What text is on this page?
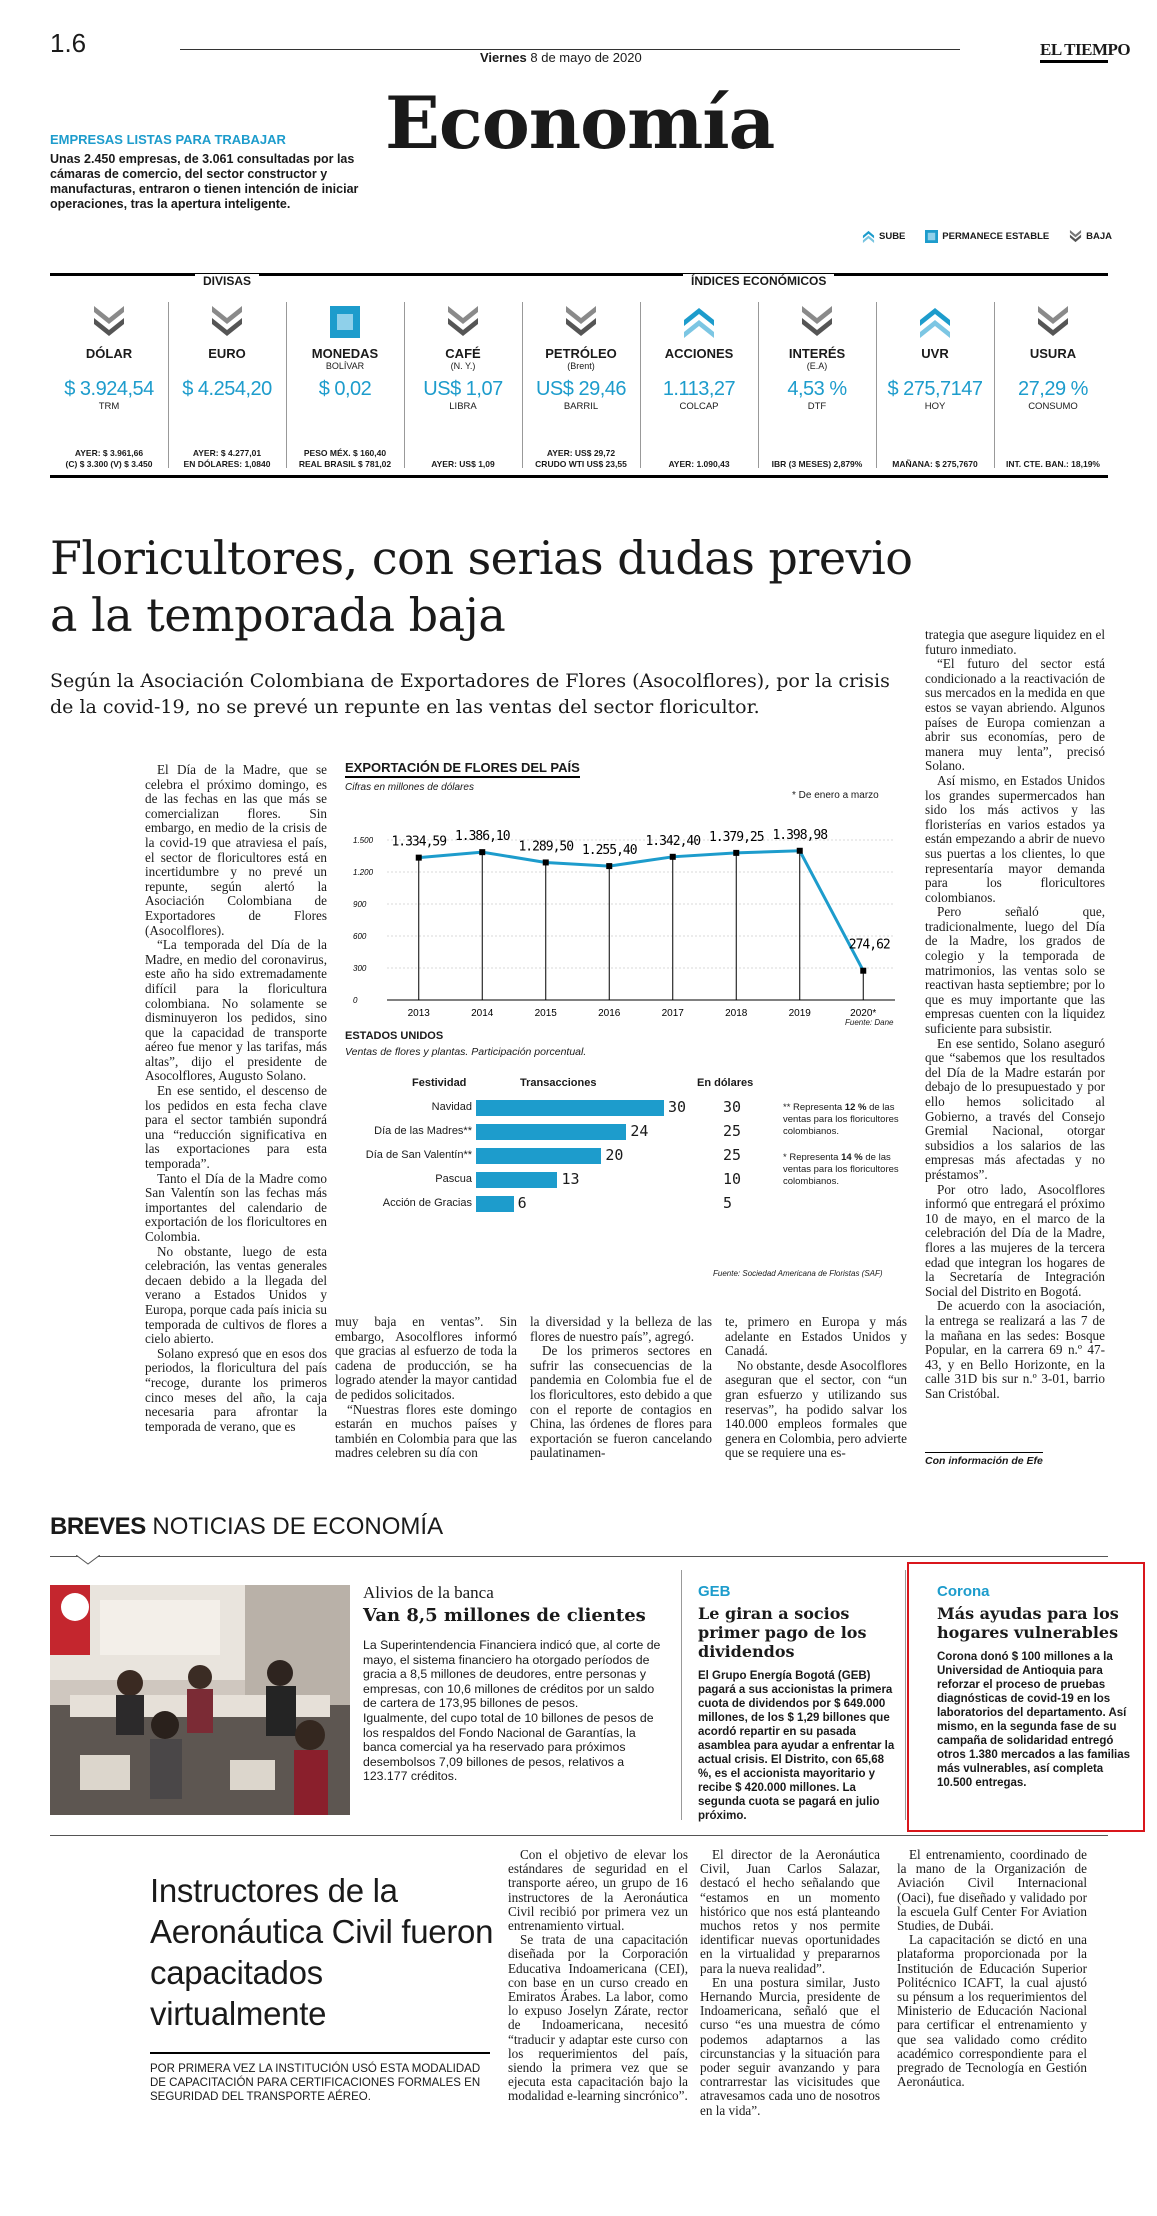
1.6	Viernes 8 de mayo de 2020	EL TIEMPO
Economía
EMPRESAS LISTAS PARA TRABAJAR
Unas 2.450 empresas, de 3.061 consultadas por las cámaras de comercio, del sector constructor y manufacturas, entraron o tienen intención de iniciar operaciones, tras la apertura inteligente.
SUBE	PERMANECE ESTABLE	BAJA
DIVISAS	ÍNDICES ECONÓMICOS
DÓLAR
$ 3.924,54
TRM
AYER: $ 3.961,66
(C) $ 3.300 (V) $ 3.450
EURO
$ 4.254,20
AYER: $ 4.277,01
EN DÓLARES: 1,0840
MONEDAS
BOLÍVAR
$ 0,02
PESO MÉX. $ 160,40
REAL BRASIL $ 781,02
CAFÉ
(N. Y.)
US$ 1,07
LIBRA
AYER: US$ 1,09
PETRÓLEO
(Brent)
US$ 29,46
BARRIL
AYER: US$ 29,72
CRUDO WTI US$ 23,55
ACCIONES
1.113,27
COLCAP
AYER: 1.090,43
INTERÉS
(E.A)
4,53 %
DTF
IBR (3 MESES) 2,879%
UVR
$ 275,7147
HOY
MAÑANA: $ 275,7670
USURA
27,29 %
CONSUMO
INT. CTE. BAN.: 18,19%
Floricultores, con serias dudas previo a la temporada baja
Según la Asociación Colombiana de Exportadores de Flores (Asocolflores), por la crisis de la covid-19, no se prevé un repunte en las ventas del sector floricultor.

El Día de la Madre, que se celebra el próximo domingo, es de las fechas en las que más se comercializan flores. Sin embargo, en medio de la crisis de la covid-19 que atraviesa el país, el sector de floricultores está en incertidumbre y no prevé un repunte, según alertó la Asociación Colombiana de Exportadores de Flores (Asocolflores).

“La temporada del Día de la Madre, en medio del coronavirus, este año ha sido extremadamente difícil para la floricultura colombiana. No solamente se disminuyeron los pedidos, sino que la capacidad de transporte aéreo fue menor y las tarifas, más altas”, dijo el presidente de Asocolflores, Augusto Solano.

En ese sentido, el descenso de los pedidos en esta fecha clave para el sector también supondrá una “reducción significativa en las exportaciones para esta temporada”.

Tanto el Día de la Madre como San Valentín son las fechas más importantes del calendario de exportación de los floricultores en Colombia.

No obstante, luego de esta celebración, las ventas generales decaen debido a la llegada del verano a Estados Unidos y Europa, porque cada país inicia su temporada de cultivos de flores a cielo abierto.

Solano expresó que en esos dos periodos, la floricultura del país “recoge, durante los primeros cinco meses del año, la caja necesaria para afrontar la temporada de verano, que es

EXPORTACIÓN DE FLORES DEL PAÍS
Cifras en millones de dólares
* De enero a marzo
0
300
600
900
1.200
1.500 1.334,59
2013
1.386,10
2014
1.289,50
2015
1.255,40
2016
1.342,40
2017
1.379,25
2018
1.398,98
2019
274,62
2020*
Fuente: Dane
ESTADOS UNIDOS
Ventas de flores y plantas. Participación porcentual.
Festividad	Transacciones	En dólares
** Representa 12 % de las ventas para los floricultores colombianos.
* Representa 14 % de las ventas para los floricultores colombianos.
Fuente: Sociedad Americana de Floristas (SAF)
Navidad	30 30
Día de las Madres**	24	25
Día de San Valentín**	20	25
Pascua	13	10
Acción de Gracias	6	5

muy baja en ventas”. Sin embargo, Asocolflores informó que gracias al esfuerzo de toda la cadena de producción, se ha logrado atender la mayor cantidad de pedidos solicitados.

“Nuestras flores este domingo estarán en muchos países y también en Colombia para que las madres celebren su día con

la diversidad y la belleza de las flores de nuestro país”, agregó.

De los primeros sectores en sufrir las consecuencias de la pandemia en Colombia fue el de los floricultores, esto debido a que con el reporte de contagios en China, las órdenes de flores para exportación se fueron cancelando paulatinamen-

te, primero en Europa y más adelante en Estados Unidos y Canadá.

No obstante, desde Asocolflores aseguran que el sector, con “un gran esfuerzo y utilizando sus reservas”, ha podido salvar los 140.000 empleos formales que genera en Colombia, pero advierte que se requiere una es-

trategia que asegure liquidez en el futuro inmediato.

“El futuro del sector está condicionado a la reactivación de sus mercados en la medida en que estos se vayan abriendo. Algunos países de Europa comienzan a abrir sus economías, pero de manera muy lenta”, precisó Solano.

Así mismo, en Estados Unidos los grandes supermercados han sido los más activos y las floristerías en varios estados ya están empezando a abrir de nuevo sus puertas a los clientes, lo que representaría mayor demanda para los floricultores colombianos.

Pero señaló que, tradicionalmente, luego del Día de la Madre, los grados de colegio y la temporada de matrimonios, las ventas solo se reactivan hasta septiembre; por lo que es muy importante que las empresas cuenten con la liquidez suficiente para subsistir.

En ese sentido, Solano aseguró que “sabemos que los resultados del Día de la Madre estarán por debajo de lo presupuestado y por ello hemos solicitado al Gobierno, a través del Consejo Gremial Nacional, otorgar subsidios a los salarios de las empresas más afectadas y no préstamos”.

Por otro lado, Asocolflores informó que entregará el próximo 10 de mayo, en el marco de la celebración del Día de la Madre, flores a las mujeres de la tercera edad que integran los hogares de la Secretaría de Integración Social del Distrito en Bogotá.

De acuerdo con la asociación, la entrega se realizará a las 7 de la mañana en las sedes: Bosque Popular, en la carrera 69 n.º 47-43, y en Bello Horizonte, en la calle 31D bis sur n.º 3-01, barrio San Cristóbal.

Con información de Efe
BREVES NOTICIAS DE ECONOMÍA
Alivios de la banca
Van 8,5 millones de clientes

La Superintendencia Financiera indicó que, al corte de mayo, el sistema financiero ha otorgado períodos de gracia a 8,5 millones de deudores, entre personas y empresas, con 10,6 millones de créditos por un saldo de cartera de 173,95 billones de pesos.

Igualmente, del cupo total de 10 billones de pesos de los respaldos del Fondo Nacional de Garantías, la banca comercial ya ha reservado para próximos desembolsos 7,09 billones de pesos, relativos a 123.177 créditos.

GEB
Le giran a socios primer pago de los dividendos
El Grupo Energía Bogotá (GEB) pagará a sus accionistas la primera cuota de dividendos por $ 649.000 millones, de los $ 1,29 billones que acordó repartir en su pasada asamblea para ayudar a enfrentar la actual crisis. El Distrito, con 65,68 %, es el accionista mayoritario y recibe $ 420.000 millones. La segunda cuota se pagará en julio próximo.
Corona
Más ayudas para los hogares vulnerables
Corona donó $ 100 millones a la Universidad de Antioquia para reforzar el proceso de pruebas diagnósticas de covid-19 en los laboratorios del departamento. Así mismo, en la segunda fase de su campaña de solidaridad entregó otros 1.380 mercados a las familias más vulnerables, así completa 10.500 entregas.
Instructores de la Aeronáutica Civil fueron capacitados virtualmente
POR PRIMERA VEZ LA INSTITUCIÓN USÓ ESTA MODALIDAD DE CAPACITACIÓN PARA CERTIFICACIONES FORMALES EN SEGURIDAD DEL TRANSPORTE AÉREO.

Con el objetivo de elevar los estándares de seguridad en el transporte aéreo, un grupo de 16 instructores de la Aeronáutica Civil recibió por primera vez un entrenamiento virtual.

Se trata de una capacitación diseñada por la Corporación Educativa Indoamericana (CEI), con base en un curso creado en Emiratos Árabes. La labor, como lo expuso Joselyn Zárate, rector de Indoamericana, necesitó “traducir y adaptar este curso con los requerimientos del país, siendo la primera vez que se ejecuta esta capacitación bajo la modalidad e-learning sincrónico”.

El director de la Aeronáutica Civil, Juan Carlos Salazar, destacó el hecho señalando que “estamos en un momento histórico que nos está planteando muchos retos y nos permite identificar nuevas oportunidades en la virtualidad y prepararnos para la nueva realidad”.

En una postura similar, Justo Hernando Murcia, presidente de Indoamericana, señaló que el curso “es una muestra de cómo podemos adaptarnos a las circunstancias y la situación para poder seguir avanzando y para contrarrestar las vicisitudes que atravesamos cada uno de nosotros en la vida”.

El entrenamiento, coordinado de la mano de la Organización de Aviación Civil Internacional (Oaci), fue diseñado y validado por la escuela Gulf Center For Aviation Studies, de Dubái.

La capacitación se dictó en una plataforma proporcionada por la Institución de Educación Superior Politécnico ICAFT, la cual ajustó su pénsum a los requerimientos del Ministerio de Educación Nacional para certificar el entrenamiento y que sea validado como crédito académico correspondiente para el pregrado de Tecnología en Gestión Aeronáutica.
